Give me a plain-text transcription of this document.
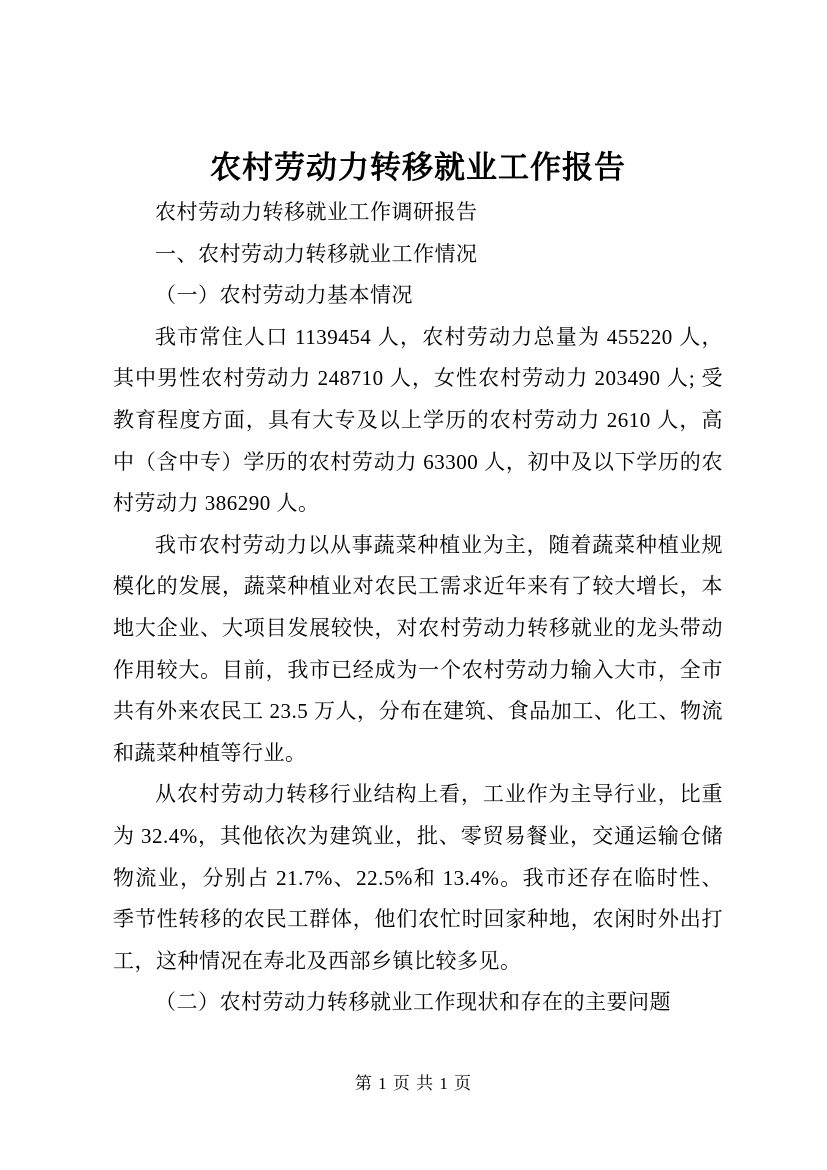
农村劳动力转移就业工作报告

农村劳动力转移就业工作调研报告

一、农村劳动力转移就业工作情况

（一）农村劳动力基本情况

我市常住人口 1139454 人，农村劳动力总量为 455220 人，其中男性农村劳动力 248710 人，女性农村劳动力 203490 人; 受教育程度方面，具有大专及以上学历的农村劳动力 2610 人，高中（含中专）学历的农村劳动力 63300 人，初中及以下学历的农村劳动力 386290 人。

我市农村劳动力以从事蔬菜种植业为主，随着蔬菜种植业规模化的发展，蔬菜种植业对农民工需求近年来有了较大增长，本地大企业、大项目发展较快，对农村劳动力转移就业的龙头带动作用较大。目前，我市已经成为一个农村劳动力输入大市，全市共有外来农民工 23.5 万人，分布在建筑、食品加工、化工、物流和蔬菜种植等行业。

从农村劳动力转移行业结构上看，工业作为主导行业，比重为 32.4%，其他依次为建筑业，批、零贸易餐业，交通运输仓储物流业，分别占 21.7%、22.5%和 13.4%。我市还存在临时性、季节性转移的农民工群体，他们农忙时回家种地，农闲时外出打工，这种情况在寿北及西部乡镇比较多见。

（二）农村劳动力转移就业工作现状和存在的主要问题

第 1 页 共 1 页
